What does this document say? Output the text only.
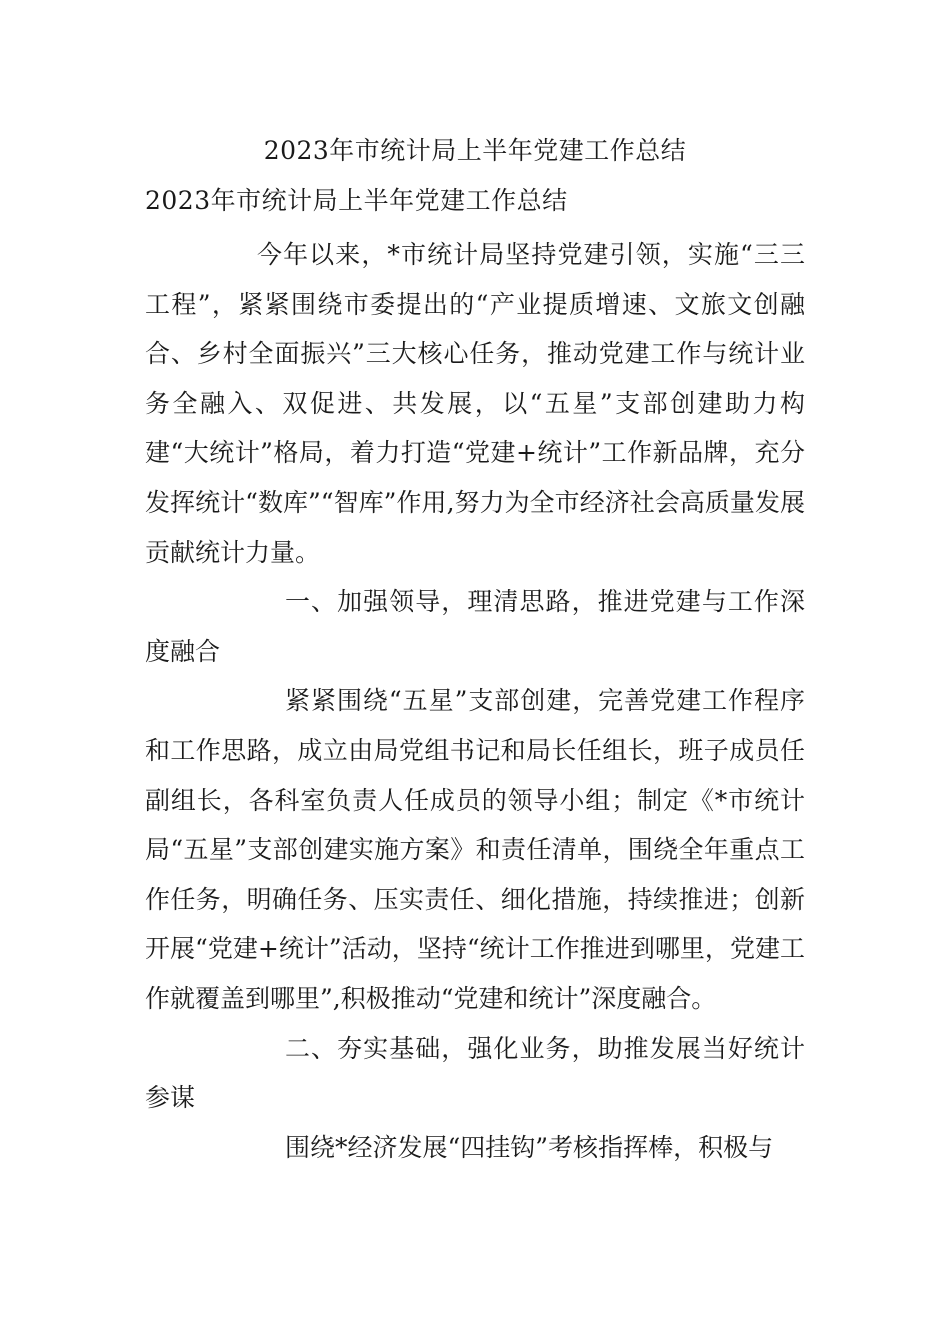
2023年市统计局上半年党建工作总结
2023年市统计局上半年党建工作总结

今年以来，*市统计局坚持党建引领，实施“三三工程”，紧紧围绕市委提出的“产业提质增速、文旅文创融合、乡村全面振兴”三大核心任务，推动党建工作与统计业务全融入、双促进、共发展，以“五星”支部创建助力构建“大统计”格局，着力打造“党建+统计”工作新品牌，充分发挥统计“数库”“智库”作用,努力为全市经济社会高质量发展贡献统计力量。

一、加强领导，理清思路，推进党建与工作深度融合

紧紧围绕“五星”支部创建，完善党建工作程序和工作思路，成立由局党组书记和局长任组长，班子成员任副组长，各科室负责人任成员的领导小组；制定《*市统计局“五星”支部创建实施方案》和责任清单，围绕全年重点工作任务，明确任务、压实责任、细化措施，持续推进；创新开展“党建+统计”活动，坚持“统计工作推进到哪里，党建工作就覆盖到哪里”,积极推动“党建和统计”深度融合。

二、夯实基础，强化业务，助推发展当好统计参谋

围绕*经济发展“四挂钩”考核指挥棒，积极与
